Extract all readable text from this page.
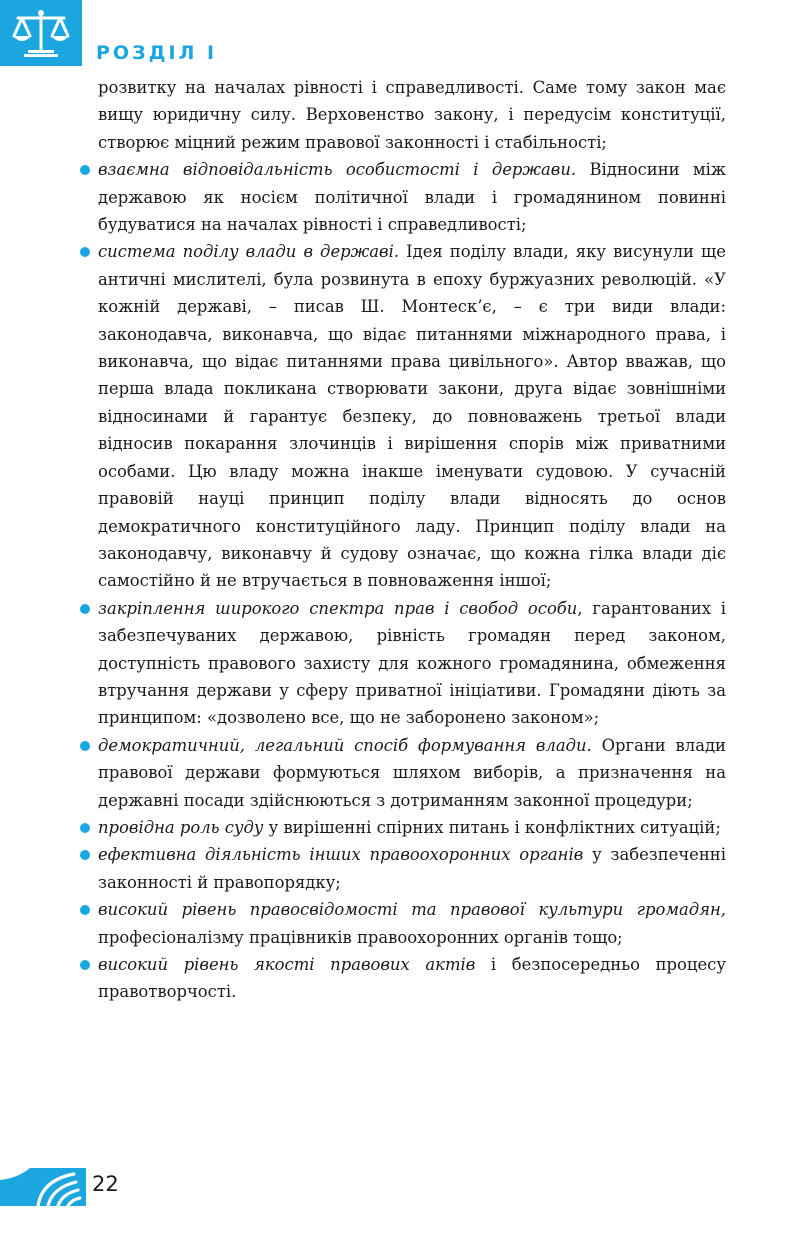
РОЗДІЛ І

розвитку на началах рівності і справедливості. Саме тому закон має вищу юридичну силу. Верховенство закону, і передусім конституції, створює міцний режим правової законності і стабільності;

взаємна відповідальність особистості і держави. Відносини між державою як носієм політичної влади і громадянином повинні будуватися на началах рівності і справедливості;

система поділу влади в державі. Ідея поділу влади, яку висунули ще античні мислителі, була розвинута в епоху буржуазних революцій. «У кожній державі, – писав Ш. Монтеск’є, – є три види влади: законодавча, виконавча, що відає питаннями міжнародного права, і виконавча, що відає питаннями права цивільного». Автор вважав, що перша влада покликана створювати закони, друга відає зовнішніми відносинами й гарантує безпеку, до повноважень третьої влади відносив покарання злочинців і вирішення спорів між приватними особами. Цю владу можна інакше іменувати судовою. У сучасній правовій науці принцип поділу влади відносять до основ демократичного конституційного ладу. Принцип поділу влади на законодавчу, виконавчу й судову означає, що кожна гілка влади діє самостійно й не втручається в повноваження іншої;

закріплення широкого спектра прав і свобод особи, гарантованих і забезпечуваних державою, рівність громадян перед законом, доступність правового захисту для кожного громадянина, обмеження втручання держави у сферу приватної ініціативи. Громадяни діють за принципом: «дозволено все, що не заборонено законом»;

демократичний, легальний спосіб формування влади. Органи влади правової держави формуються шляхом виборів, а призначення на державні посади здійснюються з дотриманням законної процедури;

провідна роль суду у вирішенні спірних питань і конфліктних ситуацій;

ефективна діяльність інших правоохоронних органів у забезпеченні законності й правопорядку;

високий рівень правосвідомості та правової культури громадян, професіоналізму працівників правоохоронних органів тощо;

високий рівень якості правових актів і безпосередньо процесу правотворчості.

22
